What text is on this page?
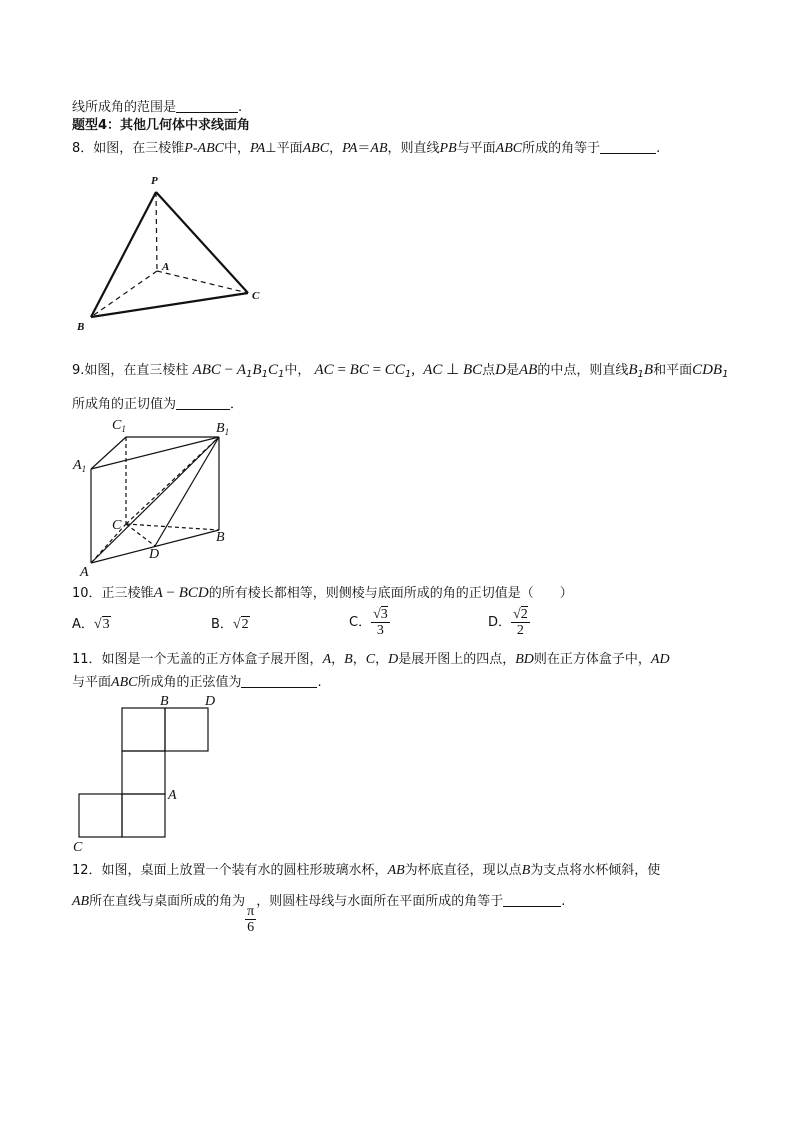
线所成角的范围是	.
题型4：其他几何体中求线面角
8．如图，在三棱锥P-ABC中，PA⊥平面ABC，PA＝AB，则直线PB与平面ABC所成的角等于	.
9.如图，在直三棱柱 ABC − $A_1B_1C_1$中， AC = BC = $CC_1$, AC ⊥ BC点D是AB的中点，则直线$B_1B$和平面$CDB_1$
所成角的正切值为	．
10．正三棱锥A − BCD的所有棱长都相等，则侧棱与底面所成的角的正切值是（　　）
A．√3	B．√2	C． $\frac{√3}{3}$	D． $\frac{√2}{2}$
11．如图是一个无盖的正方体盒子展开图，A，B，C，D是展开图上的四点，BD则在正方体盒子中，AD
与平面ABC所成角的正弦值为	.
12．如图，桌面上放置一个装有水的圆柱形玻璃水杯，AB为杯底直径，现以点B为支点将水杯倾斜，使
AB所在直线与桌面所成的角为
$\frac{\pi}{6}$
，则圆柱母线与水面所在平面所成的角等于	.
P
A
B
C
$C_1$	$B_1$
$A_1$
C
B
D
A
B	D
A
C
